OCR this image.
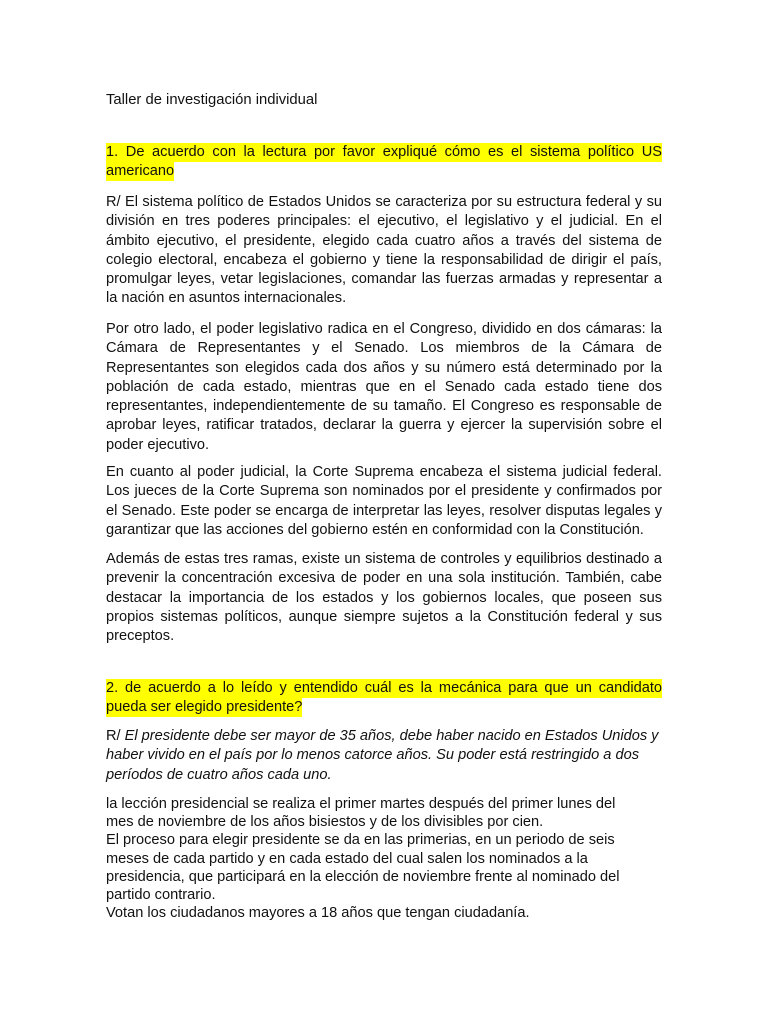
Taller de investigación individual

1. De acuerdo con la lectura por favor expliqué cómo es el sistema político US americano

R/ El sistema político de Estados Unidos se caracteriza por su estructura federal y su división en tres poderes principales: el ejecutivo, el legislativo y el judicial. En el ámbito ejecutivo, el presidente, elegido cada cuatro años a través del sistema de colegio electoral, encabeza el gobierno y tiene la responsabilidad de dirigir el país, promulgar leyes, vetar legislaciones, comandar las fuerzas armadas y representar a la nación en asuntos internacionales.

Por otro lado, el poder legislativo radica en el Congreso, dividido en dos cámaras: la Cámara de Representantes y el Senado. Los miembros de la Cámara de Representantes son elegidos cada dos años y su número está determinado por la población de cada estado, mientras que en el Senado cada estado tiene dos representantes, independientemente de su tamaño. El Congreso es responsable de aprobar leyes, ratificar tratados, declarar la guerra y ejercer la supervisión sobre el poder ejecutivo.

En cuanto al poder judicial, la Corte Suprema encabeza el sistema judicial federal. Los jueces de la Corte Suprema son nominados por el presidente y confirmados por el Senado. Este poder se encarga de interpretar las leyes, resolver disputas legales y garantizar que las acciones del gobierno estén en conformidad con la Constitución.

Además de estas tres ramas, existe un sistema de controles y equilibrios destinado a prevenir la concentración excesiva de poder en una sola institución. También, cabe destacar la importancia de los estados y los gobiernos locales, que poseen sus propios sistemas políticos, aunque siempre sujetos a la Constitución federal y sus preceptos.

2. de acuerdo a lo leído y entendido cuál es la mecánica para que un candidato pueda ser elegido presidente?

R/ El presidente debe ser mayor de 35 años, debe haber nacido en Estados Unidos y haber vivido en el país por lo menos catorce años. Su poder está restringido a dos períodos de cuatro años cada uno.

la lección presidencial se realiza el primer martes después del primer lunes del
mes de noviembre de los años bisiestos y de los divisibles por cien.
El proceso para elegir presidente se da en las primerias, en un periodo de seis
meses de cada partido y en cada estado del cual salen los nominados a la
presidencia, que participará en la elección de noviembre frente al nominado del
partido contrario.
Votan los ciudadanos mayores a 18 años que tengan ciudadanía.
